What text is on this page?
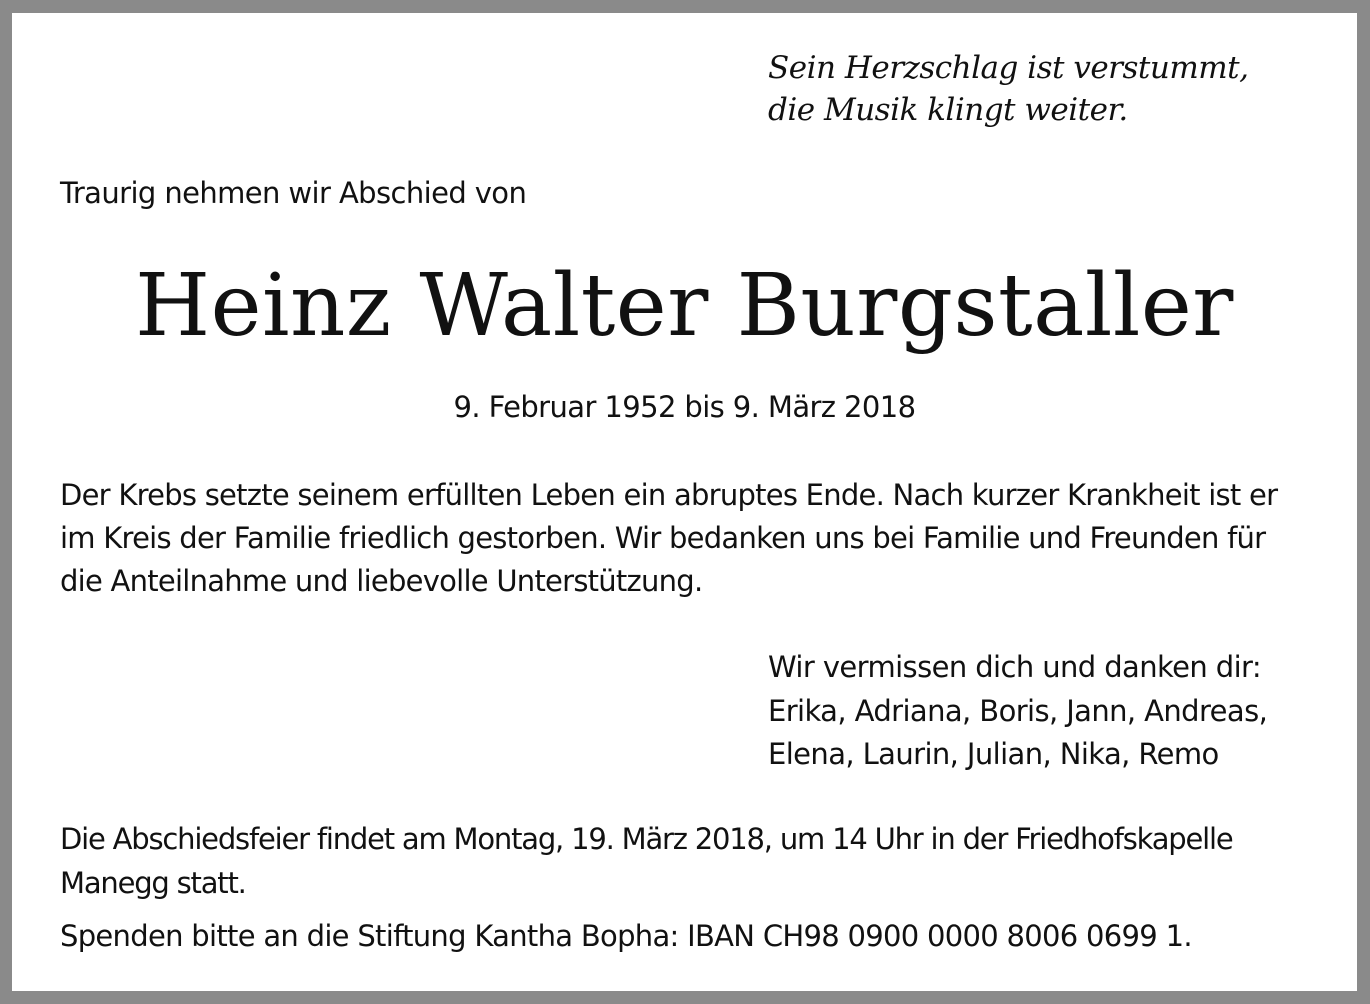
Sein Herzschlag ist verstummt,
die Musik klingt weiter.
Traurig nehmen wir Abschied von
Heinz Walter Burgstaller
9. Februar 1952 bis 9. März 2018
Der Krebs setzte seinem erfüllten Leben ein abruptes Ende. Nach kurzer Krankheit ist er
im Kreis der Familie friedlich gestorben. Wir bedanken uns bei Familie und Freunden für
die Anteilnahme und liebevolle Unterstützung.
Wir vermissen dich und danken dir:
Erika, Adriana, Boris, Jann, Andreas,
Elena, Laurin, Julian, Nika, Remo
Die Abschiedsfeier findet am Montag, 19. März 2018, um 14 Uhr in der Friedhofskapelle
Manegg statt.
Spenden bitte an die Stiftung Kantha Bopha: IBAN CH98 0900 0000 8006 0699 1.
